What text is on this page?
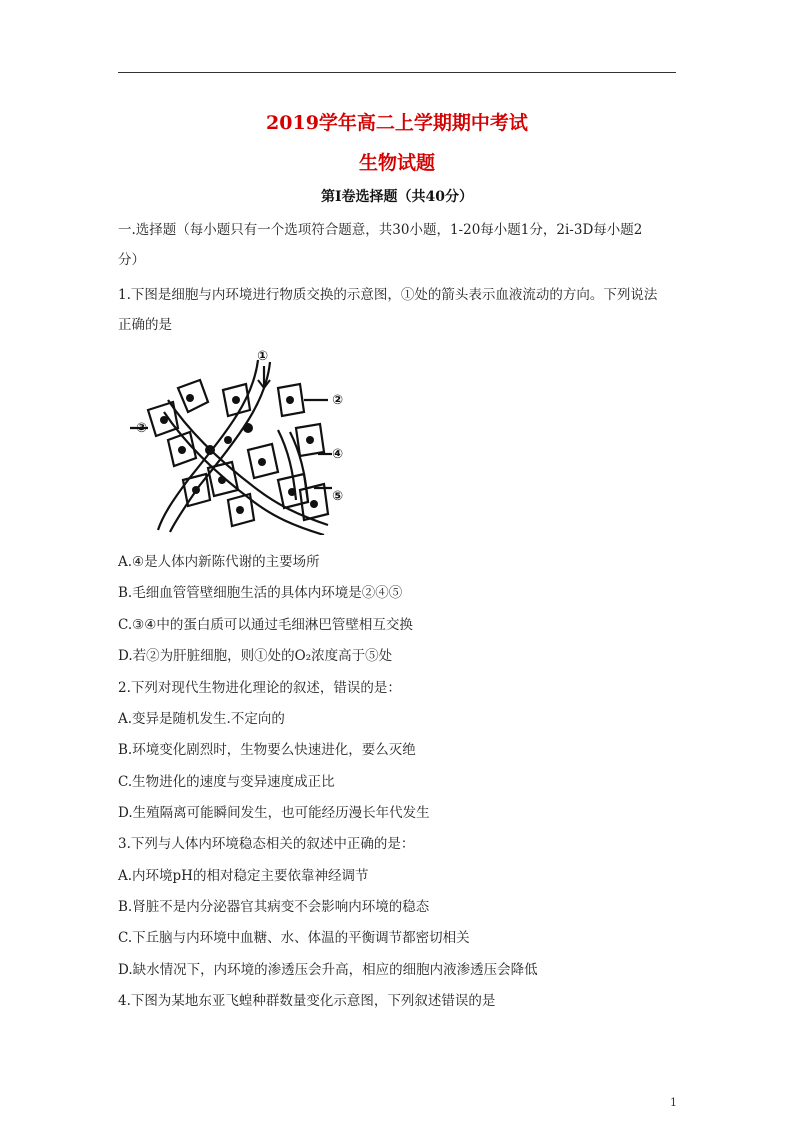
2019学年高二上学期期中考试
生物试题
第Ⅰ卷选择题（共40分）
一.选择题（每小题只有一个选项符合题意，共30小题，1-20每小题1分，2i-3D每小题2
分）
1.下图是细胞与内环境进行物质交换的示意图，①处的箭头表示血液流动的方向。下列说法
正确的是
①
③
②
④
⑤
A.④是人体内新陈代谢的主要场所
B.毛细血管管壁细胞生活的具体内环境是②④⑤
C.③④中的蛋白质可以通过毛细淋巴管壁相互交换
D.若②为肝脏细胞，则①处的O₂浓度高于⑤处
2.下列对现代生物进化理论的叙述，错误的是：
A.变异是随机发生.不定向的
B.环境变化剧烈时，生物要么快速进化，要么灭绝
C.生物进化的速度与变异速度成正比
D.生殖隔离可能瞬间发生，也可能经历漫长年代发生
3.下列与人体内环境稳态相关的叙述中正确的是：
A.内环境pH的相对稳定主要依靠神经调节
B.肾脏不是内分泌器官其病变不会影响内环境的稳态
C.下丘脑与内环境中血糖、水、体温的平衡调节都密切相关
D.缺水情况下，内环境的渗透压会升高，相应的细胞内液渗透压会降低
4.下图为某地东亚飞蝗种群数量变化示意图，下列叙述错误的是
1
